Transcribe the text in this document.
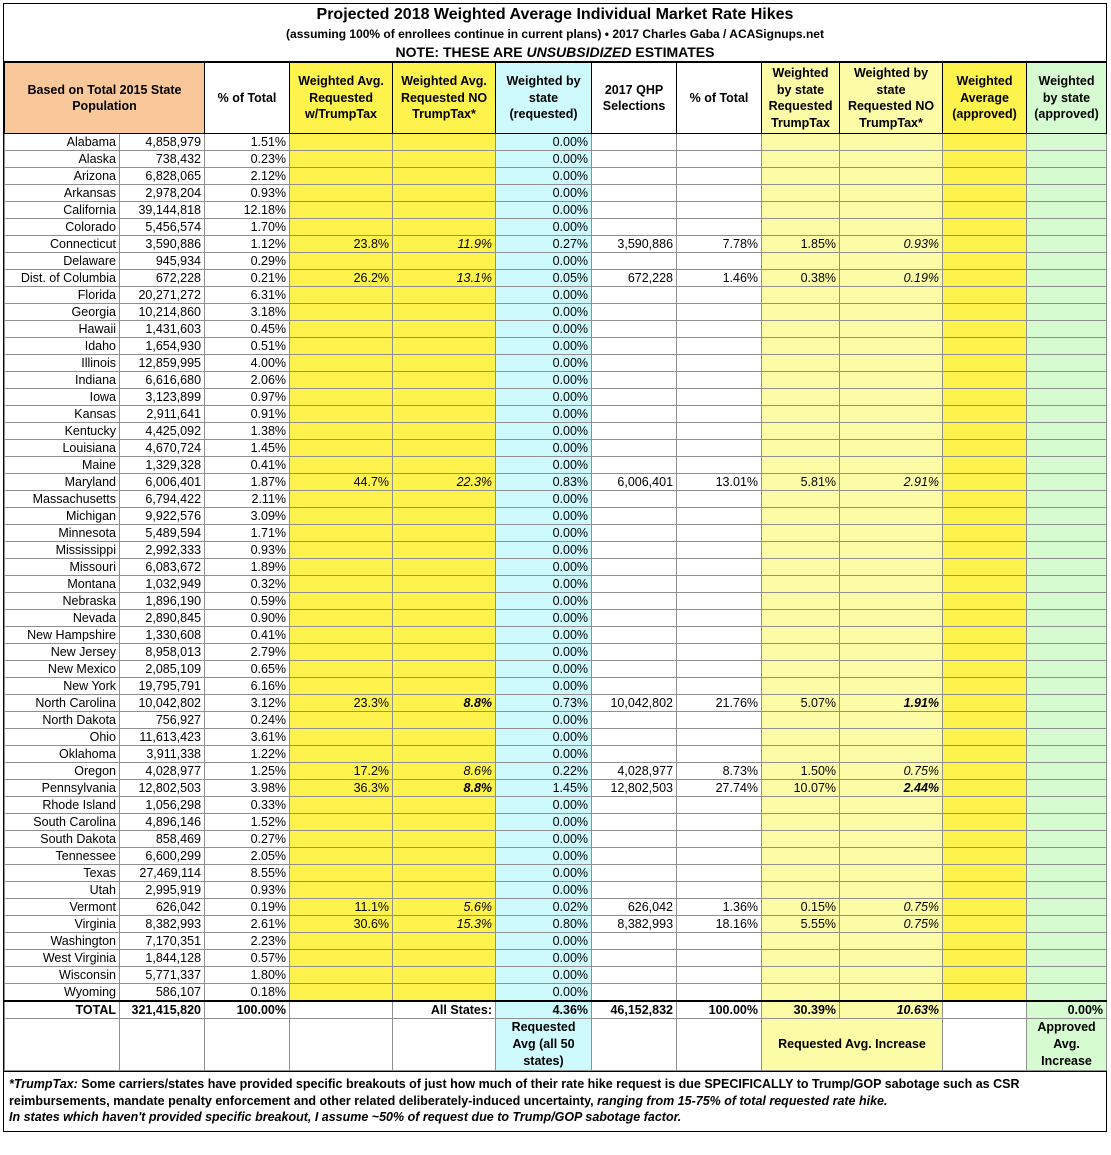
Projected 2018 Weighted Average Individual Market Rate Hikes
(assuming 100% of enrollees continue in current plans) • 2017 Charles Gaba / ACASignups.net
NOTE: THESE ARE UNSUBSIDIZED ESTIMATES
Based on Total 2015 State Population		% of Total	Weighted Avg. Requested w/TrumpTax	Weighted Avg. Requested NO TrumpTax*	Weighted by state (requested)	2017 QHP Selections	% of Total	Weighted by state Requested TrumpTax	Weighted by state Requested NO TrumpTax*	Weighted Average (approved)	Weighted by state (approved)
Alabama	4,858,979	1.51%			0.00%						
Alaska	738,432	0.23%			0.00%						
Arizona	6,828,065	2.12%			0.00%						
Arkansas	2,978,204	0.93%			0.00%						
California	39,144,818	12.18%			0.00%						
Colorado	5,456,574	1.70%			0.00%						
Connecticut	3,590,886	1.12%	23.8%	11.9%	0.27%	3,590,886	7.78%	1.85%	0.93%		
Delaware	945,934	0.29%			0.00%						
Dist. of Columbia	672,228	0.21%	26.2%	13.1%	0.05%	672,228	1.46%	0.38%	0.19%		
Florida	20,271,272	6.31%			0.00%						
Georgia	10,214,860	3.18%			0.00%						
Hawaii	1,431,603	0.45%			0.00%						
Idaho	1,654,930	0.51%			0.00%						
Illinois	12,859,995	4.00%			0.00%						
Indiana	6,616,680	2.06%			0.00%						
Iowa	3,123,899	0.97%			0.00%						
Kansas	2,911,641	0.91%			0.00%						
Kentucky	4,425,092	1.38%			0.00%						
Louisiana	4,670,724	1.45%			0.00%						
Maine	1,329,328	0.41%			0.00%						
Maryland	6,006,401	1.87%	44.7%	22.3%	0.83%	6,006,401	13.01%	5.81%	2.91%		
Massachusetts	6,794,422	2.11%			0.00%						
Michigan	9,922,576	3.09%			0.00%						
Minnesota	5,489,594	1.71%			0.00%						
Mississippi	2,992,333	0.93%			0.00%						
Missouri	6,083,672	1.89%			0.00%						
Montana	1,032,949	0.32%			0.00%						
Nebraska	1,896,190	0.59%			0.00%						
Nevada	2,890,845	0.90%			0.00%						
New Hampshire	1,330,608	0.41%			0.00%						
New Jersey	8,958,013	2.79%			0.00%						
New Mexico	2,085,109	0.65%			0.00%						
New York	19,795,791	6.16%			0.00%						
North Carolina	10,042,802	3.12%	23.3%	8.8%	0.73%	10,042,802	21.76%	5.07%	1.91%		
North Dakota	756,927	0.24%			0.00%						
Ohio	11,613,423	3.61%			0.00%						
Oklahoma	3,911,338	1.22%			0.00%						
Oregon	4,028,977	1.25%	17.2%	8.6%	0.22%	4,028,977	8.73%	1.50%	0.75%		
Pennsylvania	12,802,503	3.98%	36.3%	8.8%	1.45%	12,802,503	27.74%	10.07%	2.44%		
Rhode Island	1,056,298	0.33%			0.00%						
South Carolina	4,896,146	1.52%			0.00%						
South Dakota	858,469	0.27%			0.00%						
Tennessee	6,600,299	2.05%			0.00%						
Texas	27,469,114	8.55%			0.00%						
Utah	2,995,919	0.93%			0.00%						
Vermont	626,042	0.19%	11.1%	5.6%	0.02%	626,042	1.36%	0.15%	0.75%		
Virginia	8,382,993	2.61%	30.6%	15.3%	0.80%	8,382,993	18.16%	5.55%	0.75%		
Washington	7,170,351	2.23%			0.00%						
West Virginia	1,844,128	0.57%			0.00%						
Wisconsin	5,771,337	1.80%			0.00%						
Wyoming	586,107	0.18%			0.00%						
TOTAL	321,415,820	100.00%		All States:	4.36%	46,152,832	100.00%	30.39%	10.63%		0.00%
					Requested Avg (all 50 states)			Requested Avg. Increase			Approved Avg. Increase
*TrumpTax: Some carriers/states have provided specific breakouts of just how much of their rate hike request is due SPECIFICALLY to Trump/GOP sabotage such as CSR reimbursements, mandate penalty enforcement and other related deliberately-induced uncertainty, ranging from 15-75% of total requested rate hike.
In states which haven't provided specific breakout, I assume ~50% of request due to Trump/GOP sabotage factor.
